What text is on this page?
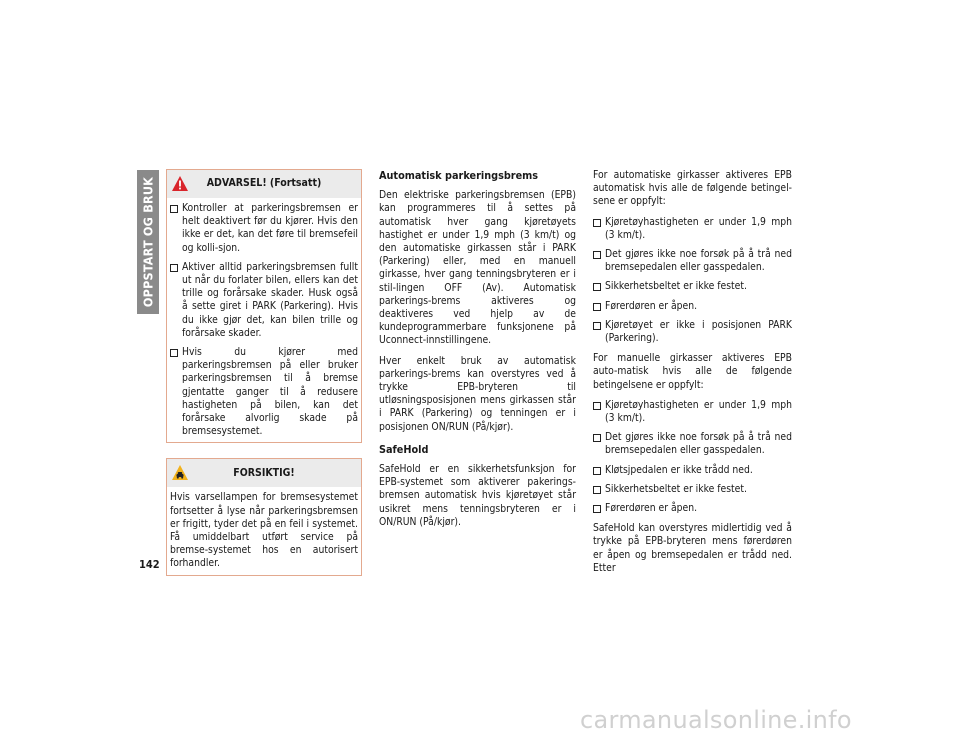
OPPSTART OG BRUK
142
ADVARSEL! (Fortsatt)
Kontroller at parkeringsbremsen er helt deaktivert før du kjører. Hvis den ikke er det, kan det føre til bremsefeil og kolli-sjon.
Aktiver alltid parkeringsbremsen fullt ut når du forlater bilen, ellers kan det trille og forårsake skader. Husk også å sette giret i PARK (Parkering). Hvis du ikke gjør det, kan bilen trille og forårsake skader.
Hvis du kjører med parkeringsbremsen på eller bruker parkeringsbremsen til å bremse gjentatte ganger til å redusere hastigheten på bilen, kan det forårsake alvorlig skade på bremsesystemet.
FORSIKTIG!
Hvis varsellampen for bremsesystemet fortsetter å lyse når parkeringsbremsen er frigitt, tyder det på en feil i systemet. Få umiddelbart utført service på bremse-systemet hos en autorisert forhandler.
Automatisk parkeringsbrems

Den elektriske parkeringsbremsen (EPB) kan programmeres til å settes på automatisk hver gang kjøretøyets hastighet er under 1,9 mph (3 km/t) og den automatiske girkassen står i PARK (Parkering) eller, med en manuell girkasse, hver gang tenningsbryteren er i stil-lingen OFF (Av). Automatisk parkerings-brems aktiveres og deaktiveres ved hjelp av de kundeprogrammerbare funksjonene på Uconnect-innstillingene.

Hver enkelt bruk av automatisk parkerings-brems kan overstyres ved å trykke EPB-bryteren til utløsningsposisjonen mens girkassen står i PARK (Parkering) og tenningen er i posisjonen ON/RUN (På/kjør).

SafeHold

SafeHold er en sikkerhetsfunksjon for EPB-systemet som aktiverer pakerings-bremsen automatisk hvis kjøretøyet står usikret mens tenningsbryteren er i ON/RUN (På/kjør).

For automatiske girkasser aktiveres EPB automatisk hvis alle de følgende betingel-sene er oppfylt:

Kjøretøyhastigheten er under 1,9 mph (3 km/t).
Det gjøres ikke noe forsøk på å trå ned bremsepedalen eller gasspedalen.
Sikkerhetsbeltet er ikke festet.
Førerdøren er åpen.
Kjøretøyet er ikke i posisjonen PARK (Parkering).

For manuelle girkasser aktiveres EPB auto-matisk hvis alle de følgende betingelsene er oppfylt:

Kjøretøyhastigheten er under 1,9 mph (3 km/t).
Det gjøres ikke noe forsøk på å trå ned bremsepedalen eller gasspedalen.
Kløtsjpedalen er ikke trådd ned.
Sikkerhetsbeltet er ikke festet.
Førerdøren er åpen.

SafeHold kan overstyres midlertidig ved å trykke på EPB-bryteren mens førerdøren er åpen og bremsepedalen er trådd ned. Etter

carmanualsonline.info
